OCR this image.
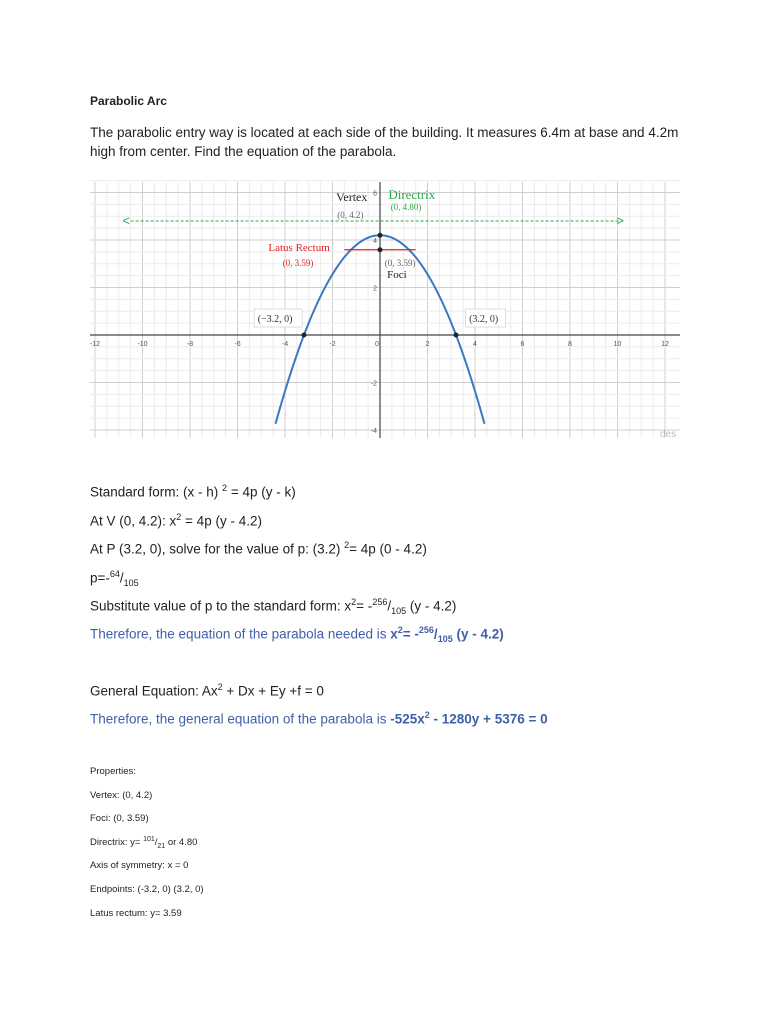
Parabolic Arc
The parabolic entry way is located at each side of the building. It measures 6.4m at base and 4.2m high from center. Find the equation of the parabola.
-12	-10	-8	-6	-4	-2	0	2	4	6	8	10	12
6
4
2
-2
-4
<	>
Vertex
(0, 4.2)
Directrix
(0, 4.80)
Latus Rectum
(0, 3.59)	(0, 3.59)
Foci
(−3.2, 0)	(3.2, 0)
des
Standard form: (x - h) $^2$ = 4p (y - k)
At V (0, 4.2): $x^2 = 4p$ (y - 4.2)
At P (3.2, 0), solve for the value of p: (3.2) $^2$= 4p (0 - 4.2)
$p=-^{64}/_{105}$
Substitute value of p to the standard form: $x^2= -^{256}/_{105}$ (y - 4.2)
Therefore, the equation of the parabola needed is $x^2= -^{256}/_{105}$ (y - 4.2)
General Equation: $Ax^2 + Dx + Ey +f = 0$
Therefore, the general equation of the parabola is $-525x^2 - 1280y + 5376 = 0$
Properties:
Vertex: (0, 4.2)
Foci: (0, 3.59)
Directrix: $y= ^{101}/_{21}$ or 4.80
Axis of symmetry: x = 0
Endpoints: (-3.2, 0) (3.2, 0)
Latus rectum: y= 3.59
